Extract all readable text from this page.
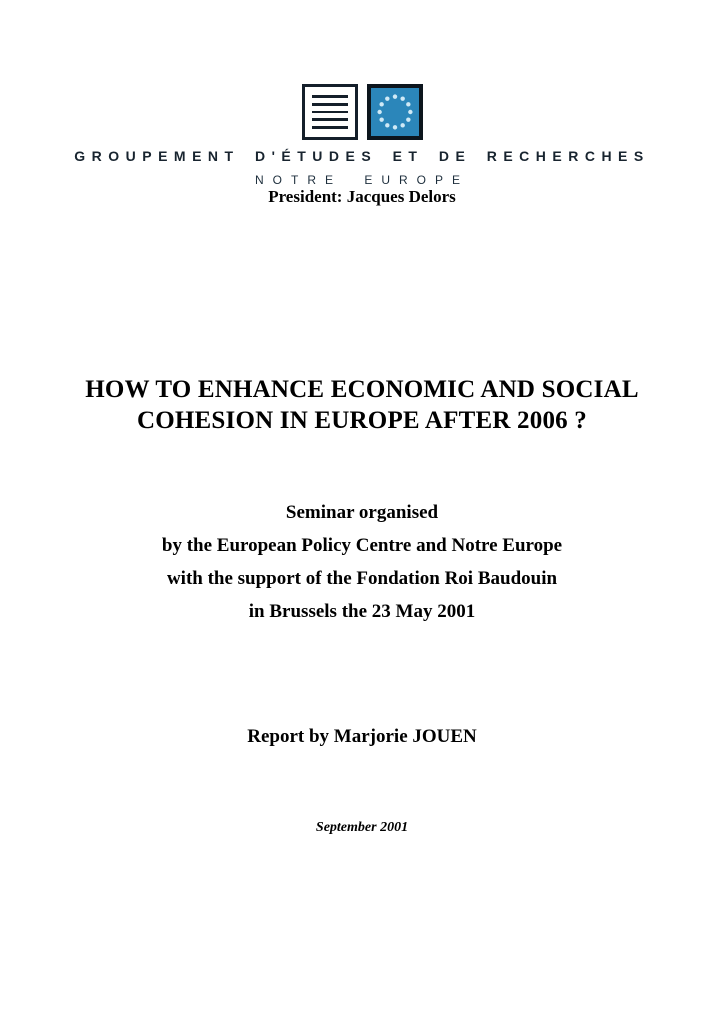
GROUPEMENT D'ÉTUDES ET DE RECHERCHES
NOTRE EUROPE
President: Jacques Delors
HOW TO ENHANCE ECONOMIC AND SOCIAL
COHESION IN EUROPE AFTER 2006 ?
Seminar organised
by the European Policy Centre and Notre Europe
with the support of the Fondation Roi Baudouin
in Brussels the 23 May 2001
Report by Marjorie JOUEN
September 2001
